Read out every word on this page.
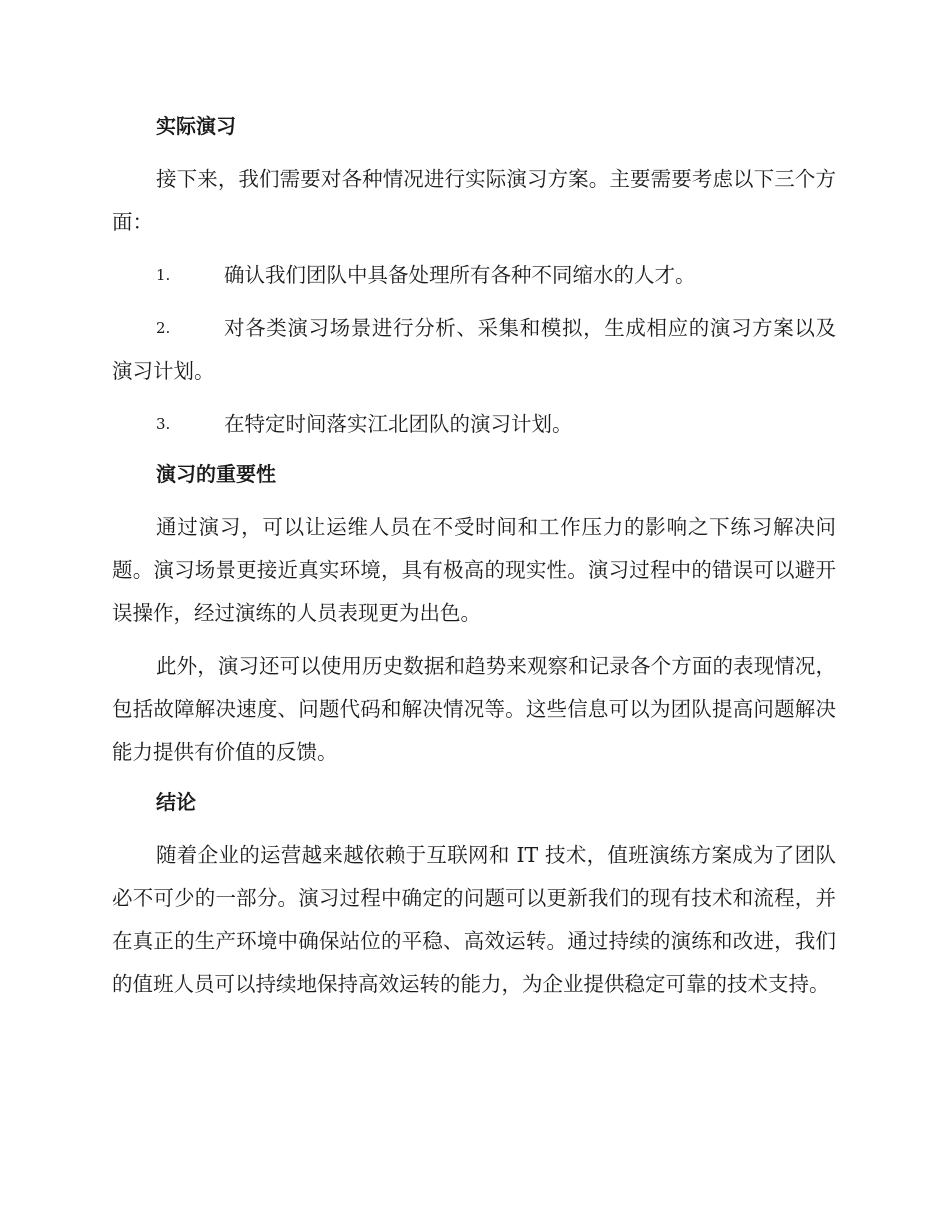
实际演习

接下来，我们需要对各种情况进行实际演习方案。主要需要考虑以下三个方面：

1.	确认我们团队中具备处理所有各种不同缩水的人才。
2.	对各类演习场景进行分析、采集和模拟，生成相应的演习方案以及演习计划。
3.	在特定时间落实江北团队的演习计划。
演习的重要性

通过演习，可以让运维人员在不受时间和工作压力的影响之下练习解决问题。演习场景更接近真实环境，具有极高的现实性。演习过程中的错误可以避开误操作，经过演练的人员表现更为出色。

此外，演习还可以使用历史数据和趋势来观察和记录各个方面的表现情况，包括故障解决速度、问题代码和解决情况等。这些信息可以为团队提高问题解决能力提供有价值的反馈。

结论

随着企业的运营越来越依赖于互联网和 IT 技术，值班演练方案成为了团队必不可少的一部分。演习过程中确定的问题可以更新我们的现有技术和流程，并在真正的生产环境中确保站位的平稳、高效运转。通过持续的演练和改进，我们的值班人员可以持续地保持高效运转的能力，为企业提供稳定可靠的技术支持。
